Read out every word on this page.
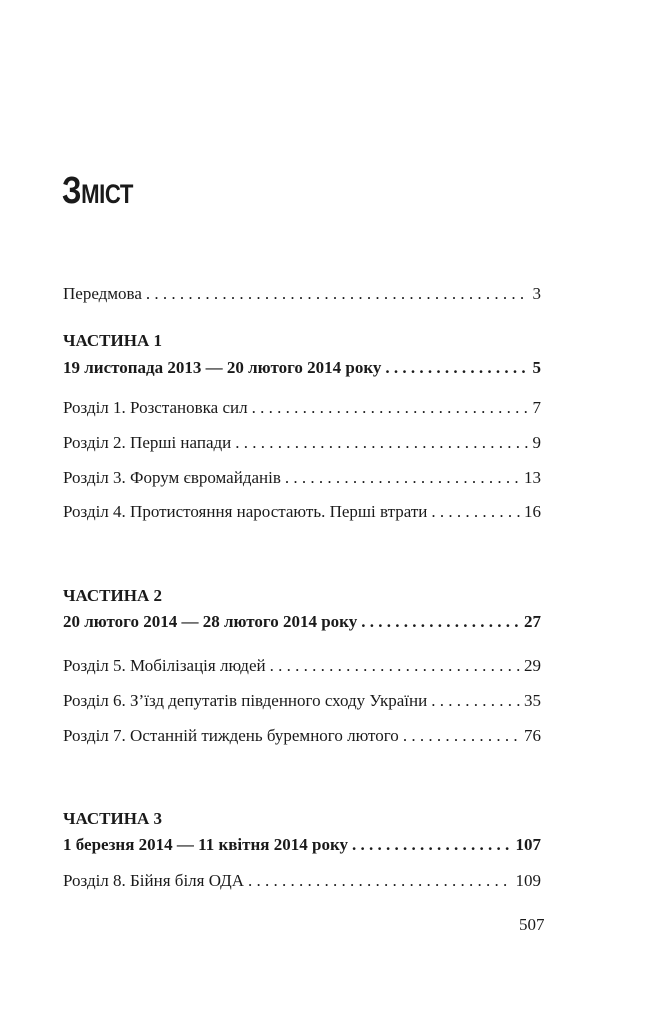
ЗМІСТ
Передмова . . .	3
ЧАСТИНА 1
19 листопада 2013 — 20 лютого 2014 року . . .	5
Розділ 1. Розстановка сил . . .	7
Розділ 2. Перші напади . . .	9
Розділ 3. Форум євромайданів . . .	13
Розділ 4. Протистояння наростають. Перші втрати . . .	16
ЧАСТИНА 2
20 лютого 2014 — 28 лютого 2014 року . . .	27
Розділ 5. Мобілізація людей . . .	29
Розділ 6. З’їзд депутатів південного сходу України . . .	35
Розділ 7. Останній тиждень буремного лютого . . .	76
ЧАСТИНА 3
1 березня 2014 — 11 квітня 2014 року . . .	107
Розділ 8. Бійня біля ОДА . . .	109
507
